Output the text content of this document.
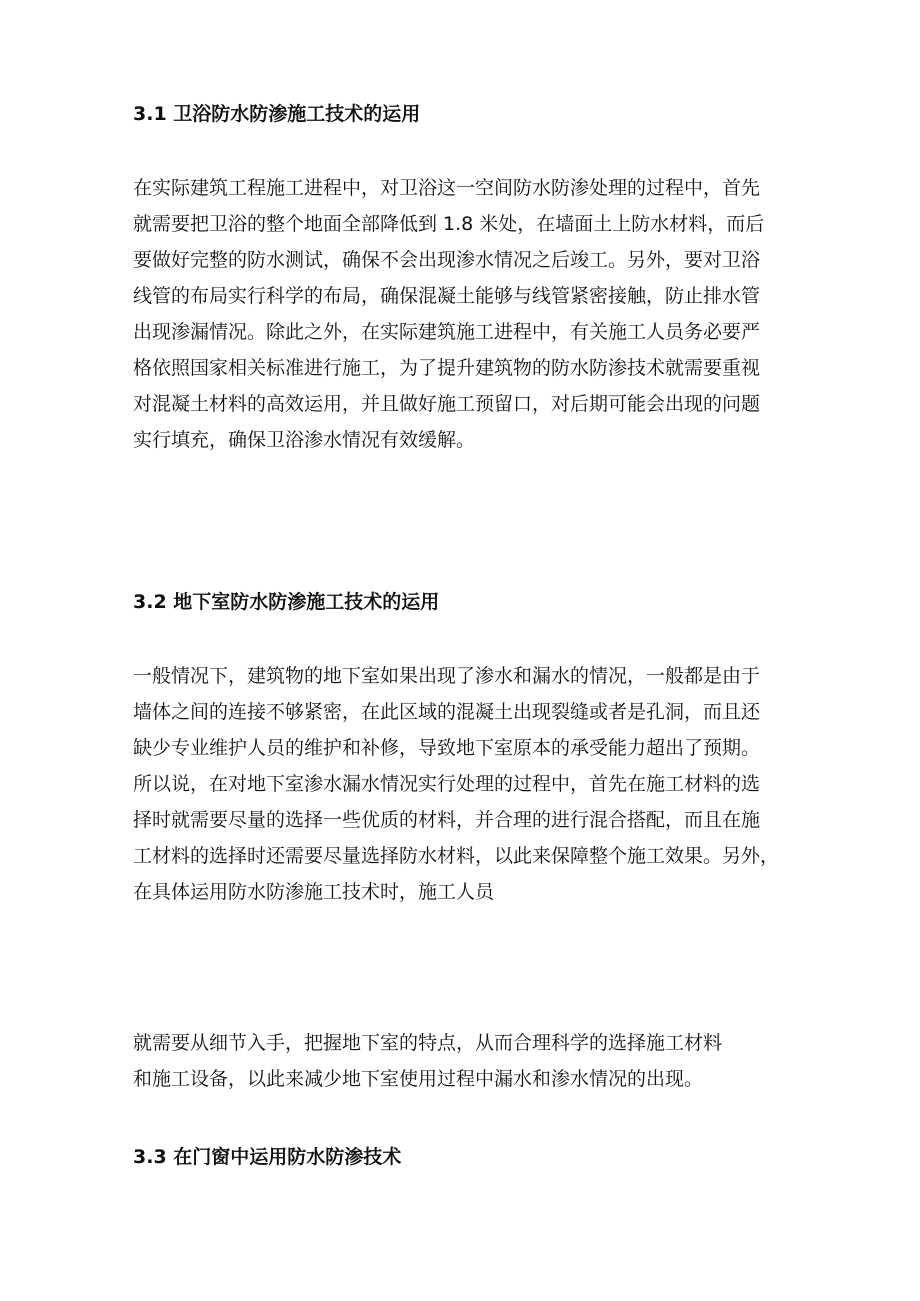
3.1 卫浴防水防渗施工技术的运用

在实际建筑工程施工进程中，对卫浴这一空间防水防渗处理的过程中，首先
就需要把卫浴的整个地面全部降低到 1.8 米处，在墙面土上防水材料，而后
要做好完整的防水测试，确保不会出现渗水情况之后竣工。另外，要对卫浴
线管的布局实行科学的布局，确保混凝土能够与线管紧密接触，防止排水管
出现渗漏情况。除此之外，在实际建筑施工进程中，有关施工人员务必要严
格依照国家相关标准进行施工，为了提升建筑物的防水防渗技术就需要重视
对混凝土材料的高效运用，并且做好施工预留口，对后期可能会出现的问题
实行填充，确保卫浴渗水情况有效缓解。

3.2 地下室防水防渗施工技术的运用

一般情况下，建筑物的地下室如果出现了渗水和漏水的情况，一般都是由于
墙体之间的连接不够紧密，在此区域的混凝土出现裂缝或者是孔洞，而且还
缺少专业维护人员的维护和补修，导致地下室原本的承受能力超出了预期。
所以说，在对地下室渗水漏水情况实行处理的过程中，首先在施工材料的选
择时就需要尽量的选择一些优质的材料，并合理的进行混合搭配，而且在施
工材料的选择时还需要尽量选择防水材料，以此来保障整个施工效果。另外，
在具体运用防水防渗施工技术时，施工人员

就需要从细节入手，把握地下室的特点，从而合理科学的选择施工材料
和施工设备，以此来减少地下室使用过程中漏水和渗水情况的出现。

3.3 在门窗中运用防水防渗技术
